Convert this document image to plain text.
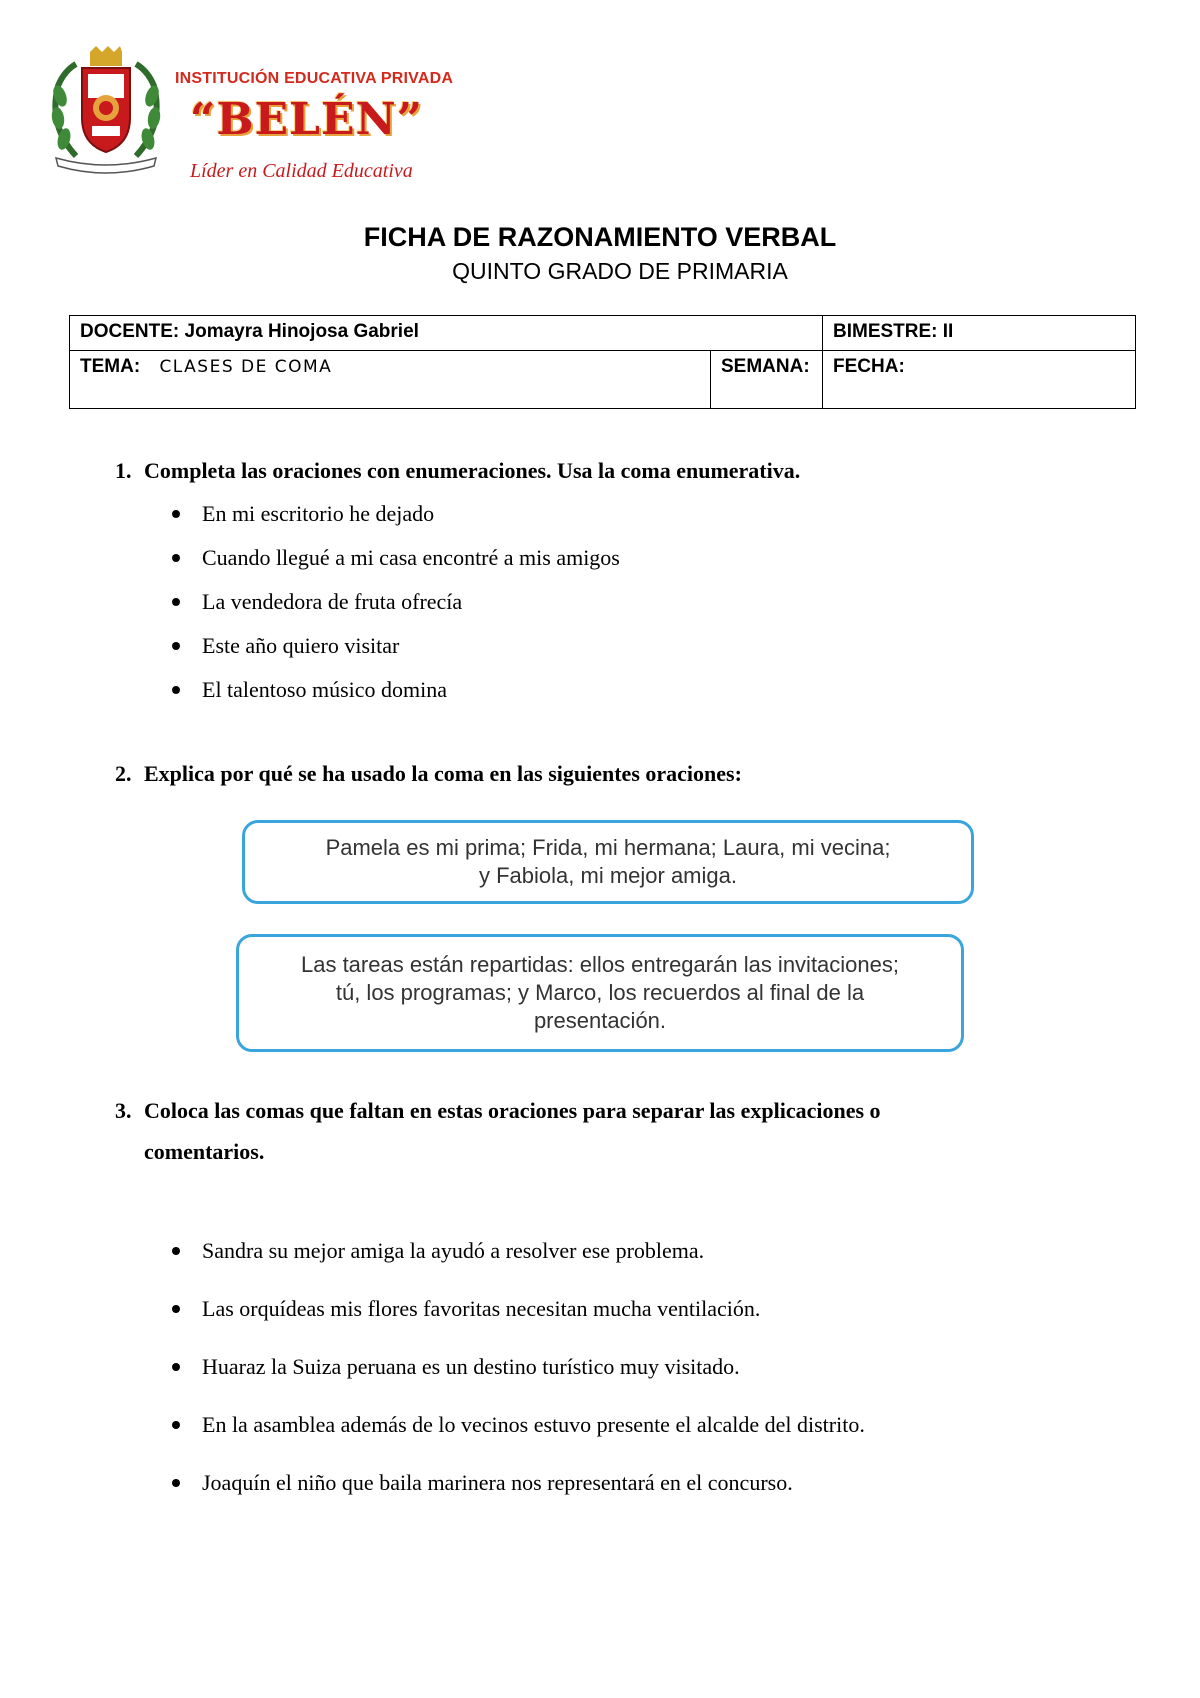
INSTITUCIÓN EDUCATIVA PRIVADA
“BELÉN”
Líder en Calidad Educativa
FICHA DE RAZONAMIENTO VERBAL
QUINTO GRADO DE PRIMARIA
DOCENTE: Jomayra Hinojosa Gabriel		BIMESTRE: II
TEMA: CLASES DE COMA	SEMANA:	FECHA:
1. Completa las oraciones con enumeraciones. Usa la coma enumerativa.
En mi escritorio he dejado
Cuando llegué a mi casa encontré a mis amigos
La vendedora de fruta ofrecía
Este año quiero visitar
El talentoso músico domina
2. Explica por qué se ha usado la coma en las siguientes oraciones:
Pamela es mi prima; Frida, mi hermana; Laura, mi vecina;
y Fabiola, mi mejor amiga.
Las tareas están repartidas: ellos entregarán las invitaciones;
tú, los programas; y Marco, los recuerdos al final de la
presentación.
3. Coloca las comas que faltan en estas oraciones para separar las explicaciones o
comentarios.
Sandra su mejor amiga la ayudó a resolver ese problema.
Las orquídeas mis flores favoritas necesitan mucha ventilación.
Huaraz la Suiza peruana es un destino turístico muy visitado.
En la asamblea además de lo vecinos estuvo presente el alcalde del distrito.
Joaquín el niño que baila marinera nos representará en el concurso.
